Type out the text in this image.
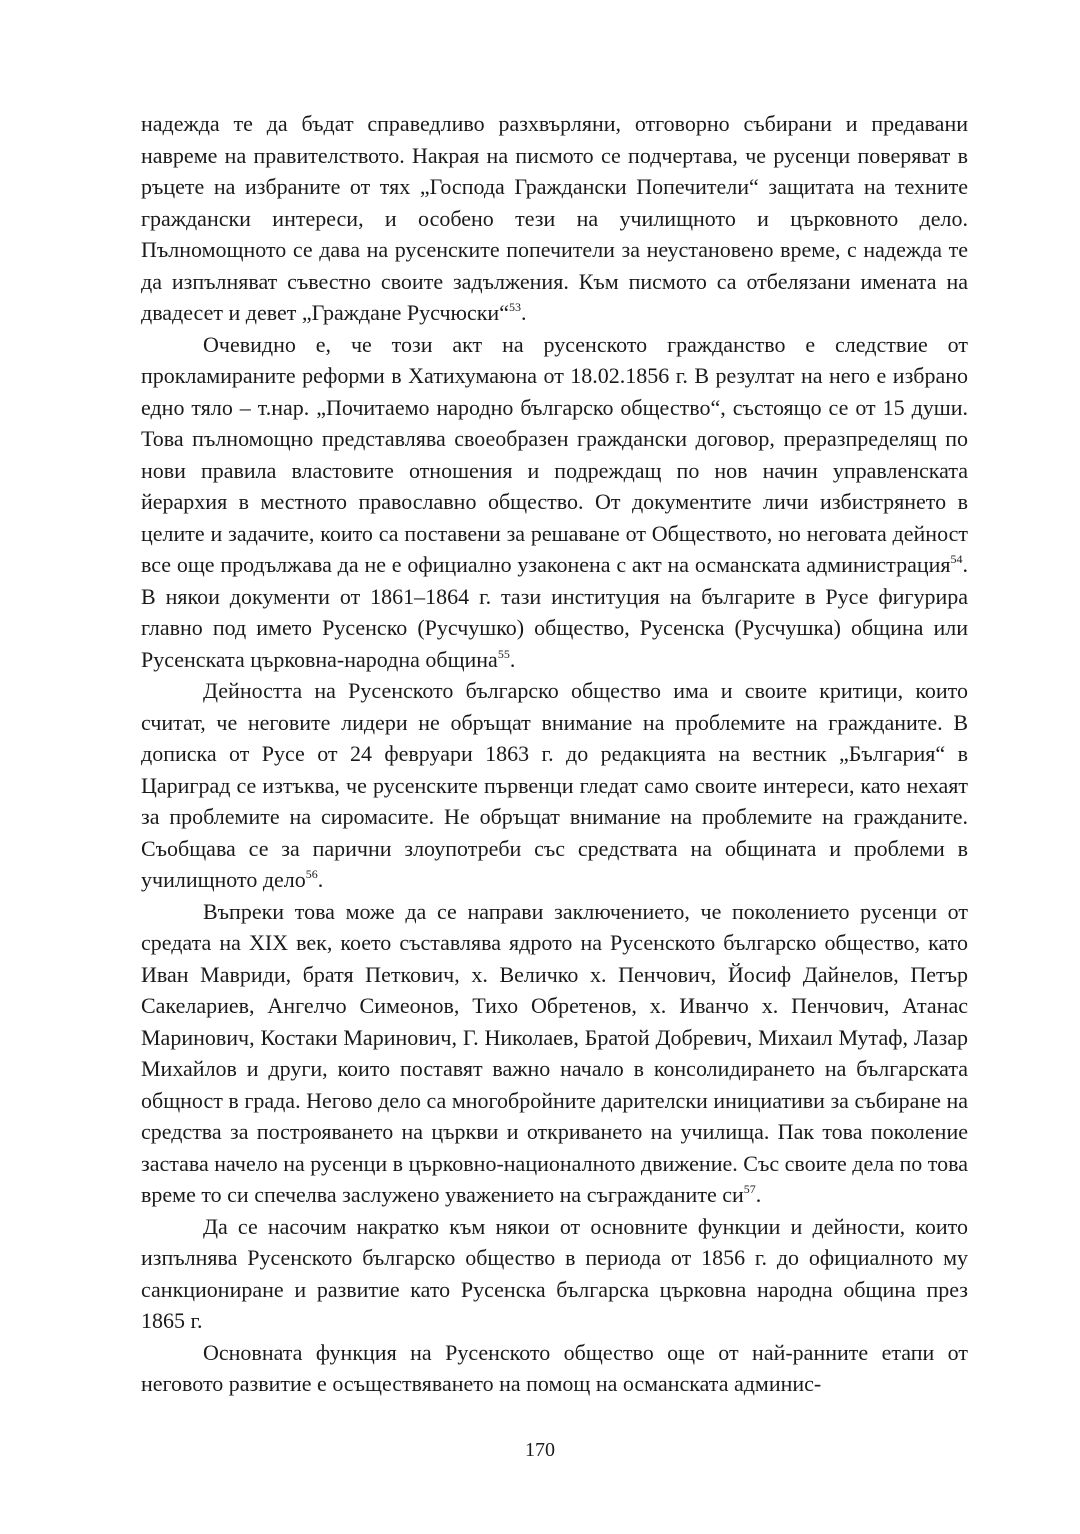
надежда те да бъдат справедливо разхвърляни, отговорно събирани и предавани навреме на правителството. Накрая на писмото се подчертава, че русенци поверяват в ръцете на избраните от тях „Господа Граждански Попечители“ защитата на техните граждански интереси, и особено тези на училищното и църковното дело. Пълномощното се дава на русенските попечители за неустановено време, с надежда те да изпълняват съвестно своите задължения. Към писмото са отбелязани имената на двадесет и девет „Граждане Русчюски“$^{53}$.

Очевидно е, че този акт на русенското гражданство е следствие от прокламираните реформи в Хатихумаюна от 18.02.1856 г. В резултат на него е избрано едно тяло – т.нар. „Почитаемо народно българско общество“, състоящо се от 15 души. Това пълномощно представлява своеобразен граждански договор, преразпределящ по нови правила властовите отношения и подреждащ по нов начин управленската йерархия в местното православно общество. От документите личи избистрянето в целите и задачите, които са поставени за решаване от Обществото, но неговата дейност все още продължава да не е официално узаконена с акт на османската администрация$^{54}$. В някои документи от 1861–1864 г. тази институция на българите в Русе фигурира главно под името Русенско (Русчушко) общество, Русенска (Русчушка) община или Русенската църковна-народна община$^{55}$.

Дейността на Русенското българско общество има и своите критици, които считат, че неговите лидери не обръщат внимание на проблемите на гражданите. В дописка от Русе от 24 февруари 1863 г. до редакцията на вестник „България“ в Цариград се изтъква, че русенските първенци гледат само своите интереси, като нехаят за проблемите на сиромасите. Не обръщат внимание на проблемите на гражданите. Съобщава се за парични злоупотреби със средствата на общината и проблеми в училищното дело$^{56}$.

Въпреки това може да се направи заключението, че поколението русенци от средата на XIX век, което съставлява ядрото на Русенското българско общество, като Иван Мавриди, братя Петкович, х. Величко х. Пенчович, Йосиф Дайнелов, Петър Сакелариев, Ангелчо Симеонов, Тихо Обретенов, х. Иванчо х. Пенчович, Атанас Маринович, Костаки Маринович, Г. Николаев, Братой Добревич, Михаил Мутаф, Лазар Михайлов и други, които поставят важно начало в консолидирането на българската общност в града. Негово дело са многобройните дарителски инициативи за събиране на средства за построяването на църкви и откриването на училища. Пак това поколение застава начело на русенци в църковно-националното движение. Със своите дела по това време то си спечелва заслужено уважението на съгражданите $си^{57}$.

Да се насочим накратко към някои от основните функции и дейности, които изпълнява Русенското българско общество в периода от 1856 г. до официалното му санкциониране и развитие като Русенска българска църковна народна община през 1865 г.

Основната функция на Русенското общество още от най-ранните етапи от неговото развитие е осъществяването на помощ на османската админис-

170
